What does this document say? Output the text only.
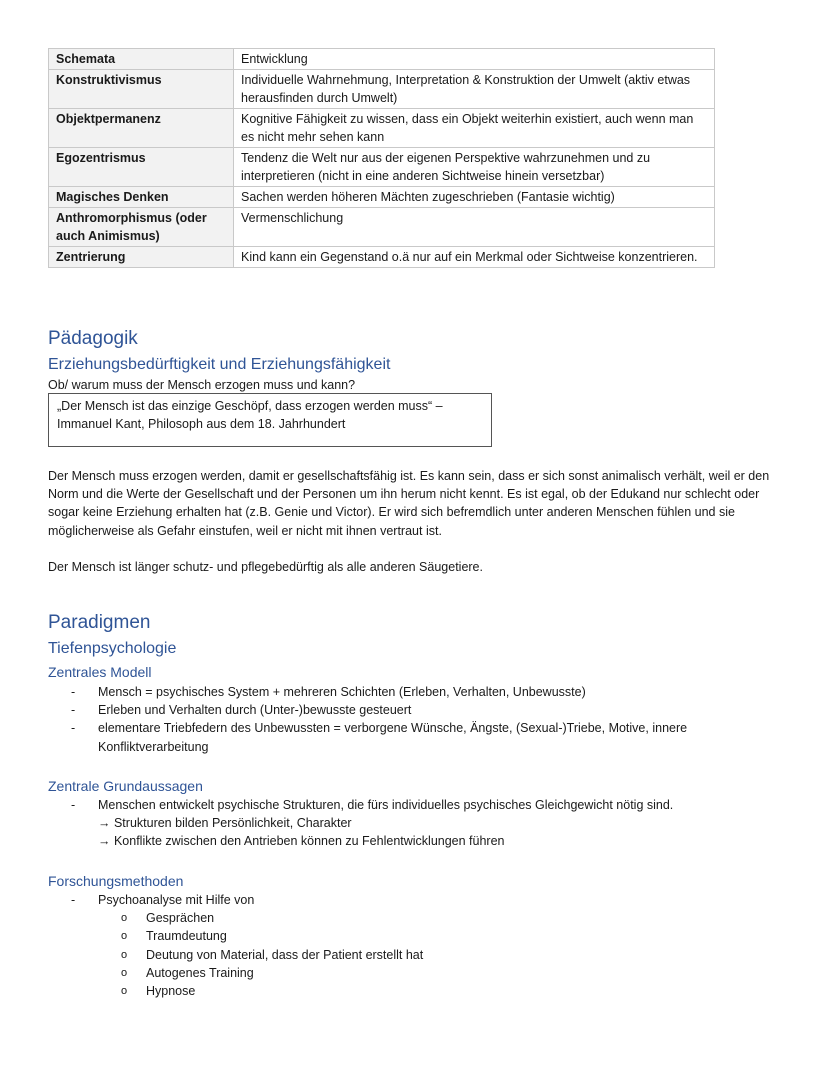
Schemata	Entwicklung
Konstruktivismus	Individuelle Wahrnehmung, Interpretation & Konstruktion der Umwelt (aktiv etwas herausfinden durch Umwelt)
Objektpermanenz	Kognitive Fähigkeit zu wissen, dass ein Objekt weiterhin existiert, auch wenn man es nicht mehr sehen kann
Egozentrismus	Tendenz die Welt nur aus der eigenen Perspektive wahrzunehmen und zu interpretieren (nicht in eine anderen Sichtweise hinein versetzbar)
Magisches Denken	Sachen werden höheren Mächten zugeschrieben (Fantasie wichtig)
Anthromorphismus (oder auch Animismus)	Vermenschlichung
Zentrierung	Kind kann ein Gegenstand o.ä nur auf ein Merkmal oder Sichtweise konzentrieren.
Pädagogik
Erziehungsbedürftigkeit und Erziehungsfähigkeit
Ob/ warum muss der Mensch erzogen muss und kann?
„Der Mensch ist das einzige Geschöpf, dass erzogen werden muss“ –
Immanuel Kant, Philosoph aus dem 18. Jahrhundert
Der Mensch muss erzogen werden, damit er gesellschaftsfähig ist. Es kann sein, dass er sich sonst animalisch verhält, weil er den Norm und die Werte der Gesellschaft und der Personen um ihn herum nicht kennt. Es ist egal, ob der Edukand nur schlecht oder sogar keine Erziehung erhalten hat (z.B. Genie und Victor). Er wird sich befremdlich unter anderen Menschen fühlen und sie möglicherweise als Gefahr einstufen, weil er nicht mit ihnen vertraut ist.
Der Mensch ist länger schutz- und pflegebedürftig als alle anderen Säugetiere.
Paradigmen
Tiefenpsychologie
Zentrales Modell
- Mensch = psychisches System + mehreren Schichten (Erleben, Verhalten, Unbewusste)
- Erleben und Verhalten durch (Unter-)bewusste gesteuert
- elementare Triebfedern des Unbewussten = verborgene Wünsche, Ängste, (Sexual-)Triebe, Motive, innere Konfliktverarbeitung
Zentrale Grundaussagen
- Menschen entwickelt psychische Strukturen, die fürs individuelles psychisches Gleichgewicht nötig sind.
→ Strukturen bilden Persönlichkeit, Charakter
→ Konflikte zwischen den Antrieben können zu Fehlentwicklungen führen
Forschungsmethoden
- Psychoanalyse mit Hilfe von
o Gesprächen
o Traumdeutung
o Deutung von Material, dass der Patient erstellt hat
o Autogenes Training
o Hypnose
